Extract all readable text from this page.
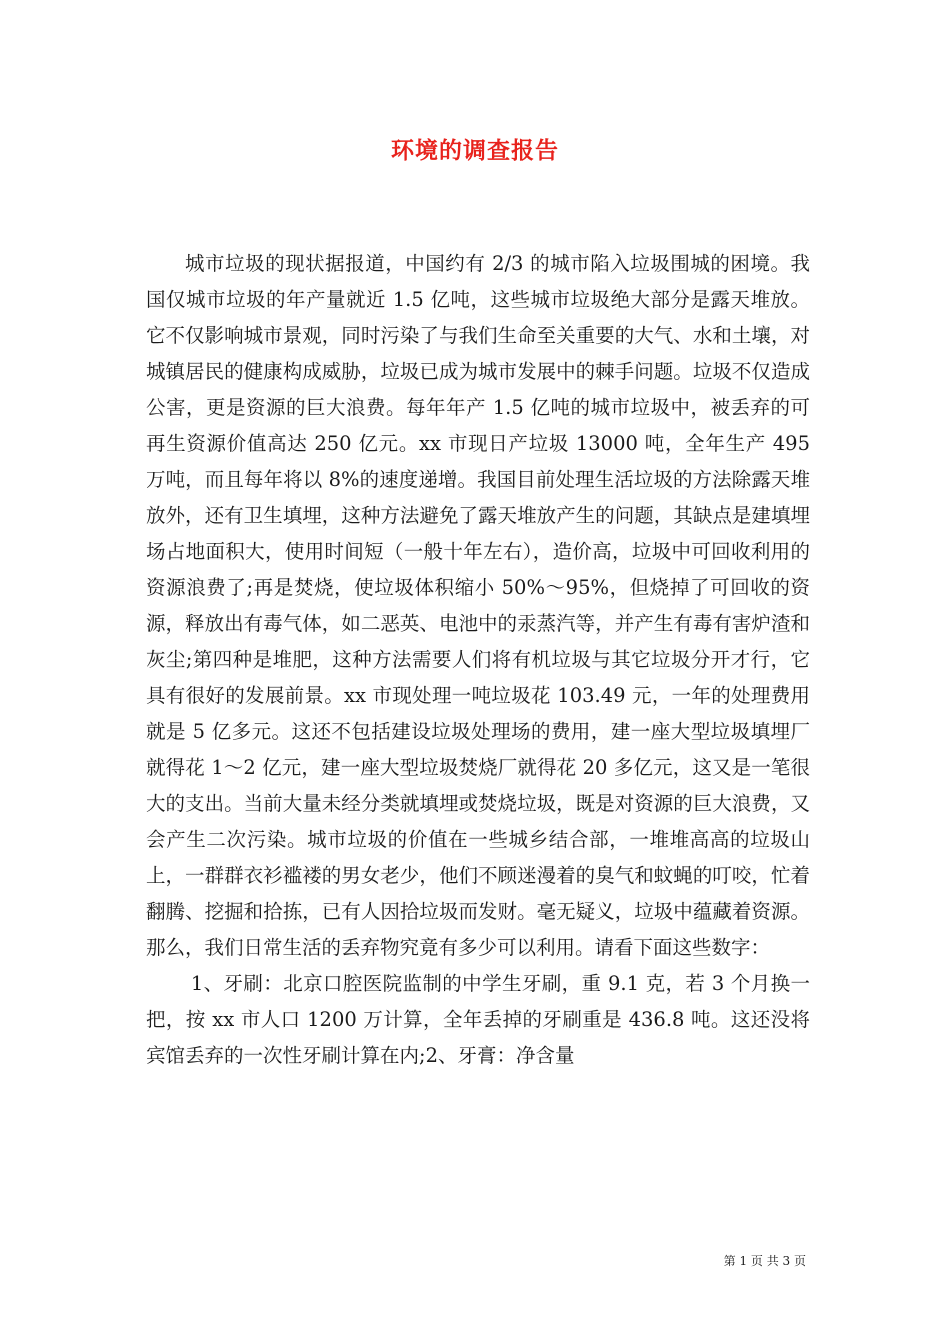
环境的调查报告

城市垃圾的现状据报道，中国约有 2/3 的城市陷入垃圾围城的困境。我国仅城市垃圾的年产量就近 1.5 亿吨，这些城市垃圾绝大部分是露天堆放。它不仅影响城市景观，同时污染了与我们生命至关重要的大气、水和土壤，对城镇居民的健康构成威胁，垃圾已成为城市发展中的棘手问题。垃圾不仅造成公害，更是资源的巨大浪费。每年年产 1.5 亿吨的城市垃圾中，被丢弃的可再生资源价值高达 250 亿元。xx 市现日产垃圾 13000 吨，全年生产 495 万吨，而且每年将以 8%的速度递增。我国目前处理生活垃圾的方法除露天堆放外，还有卫生填埋，这种方法避免了露天堆放产生的问题，其缺点是建填埋场占地面积大，使用时间短（一般十年左右），造价高，垃圾中可回收利用的资源浪费了;再是焚烧，使垃圾体积缩小 50%～95%，但烧掉了可回收的资源，释放出有毒气体，如二恶英、电池中的汞蒸汽等，并产生有毒有害炉渣和灰尘;第四种是堆肥，这种方法需要人们将有机垃圾与其它垃圾分开才行，它具有很好的发展前景。xx 市现处理一吨垃圾花 103.49 元，一年的处理费用就是 5 亿多元。这还不包括建设垃圾处理场的费用，建一座大型垃圾填埋厂就得花 1～2 亿元，建一座大型垃圾焚烧厂就得花 20 多亿元，这又是一笔很大的支出。当前大量未经分类就填埋或焚烧垃圾，既是对资源的巨大浪费，又会产生二次污染。城市垃圾的价值在一些城乡结合部，一堆堆高高的垃圾山上，一群群衣衫褴褛的男女老少，他们不顾迷漫着的臭气和蚊蝇的叮咬，忙着翻腾、挖掘和拾拣，已有人因拾垃圾而发财。毫无疑义，垃圾中蕴藏着资源。那么，我们日常生活的丢弃物究竟有多少可以利用。请看下面这些数字：

1、牙刷：北京口腔医院监制的中学生牙刷，重 9.1 克，若 3 个月换一把，按 xx 市人口 1200 万计算，全年丢掉的牙刷重是 436.8 吨。这还没将宾馆丢弃的一次性牙刷计算在内;2、牙膏：净含量

第 1 页 共 3 页
